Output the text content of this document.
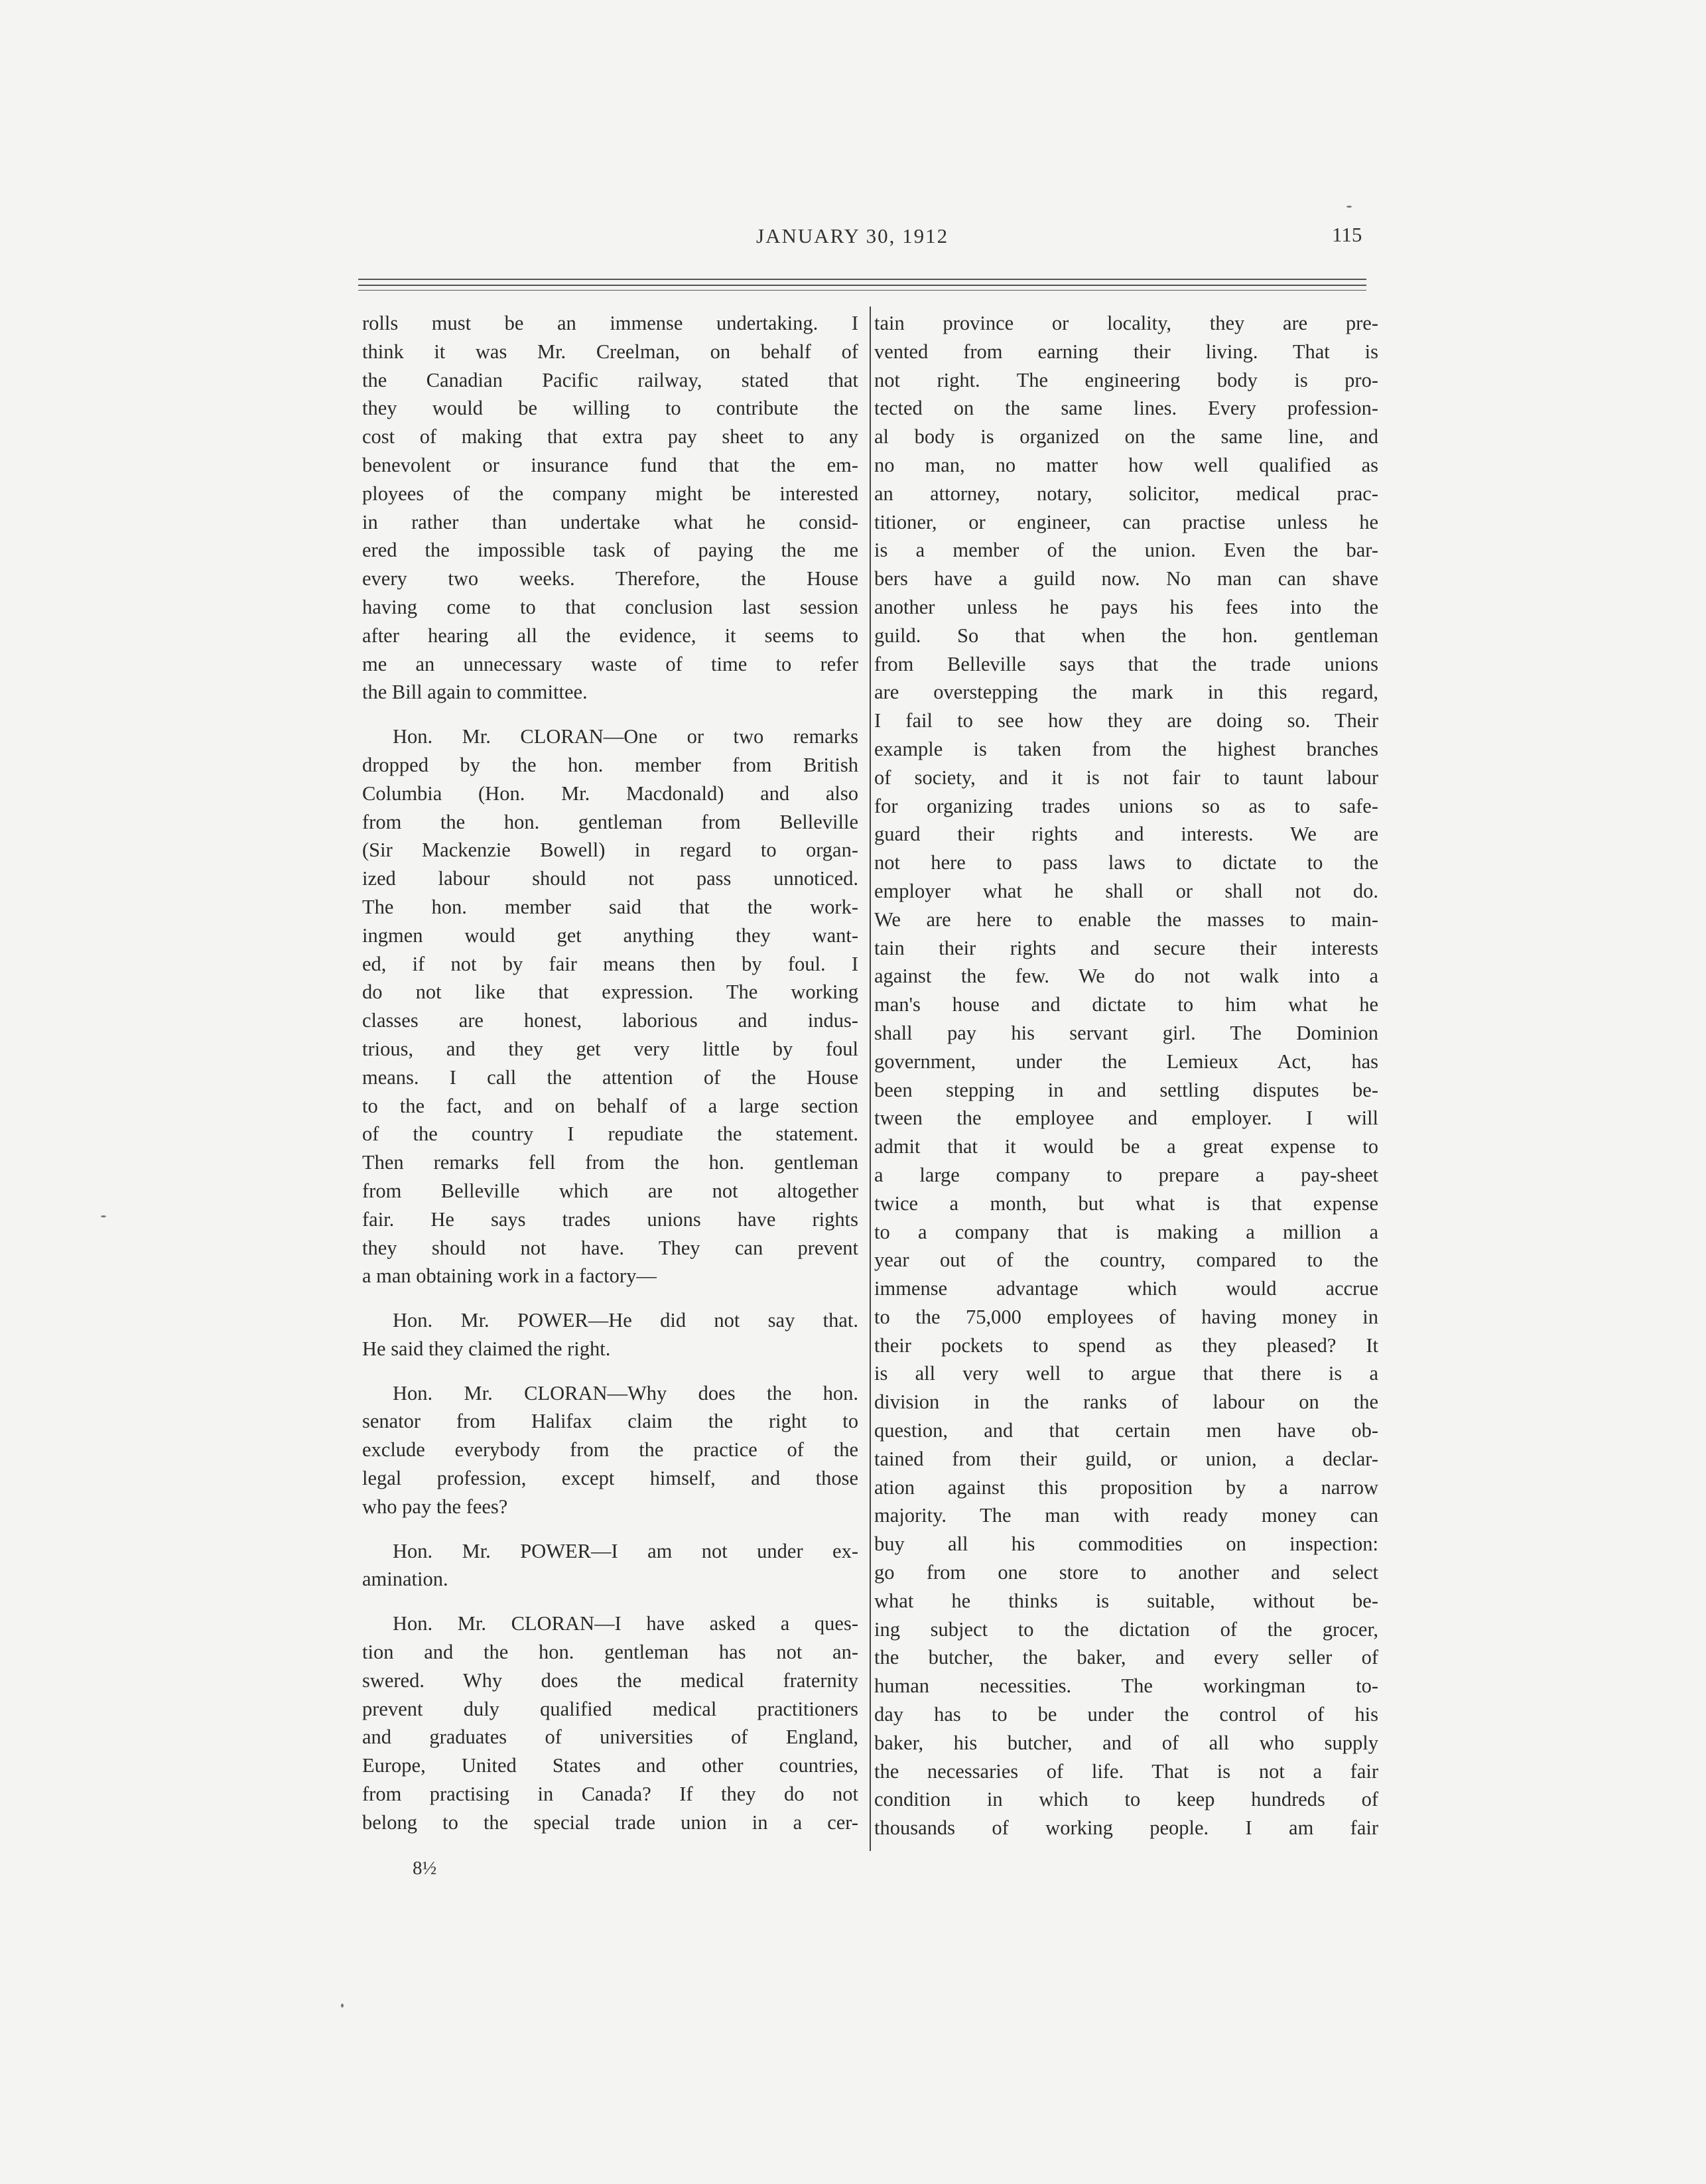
JANUARY 30, 1912	115
rolls must be an immense undertaking. I
think it was Mr. Creelman, on behalf of
the Canadian Pacific railway, stated that
they would be willing to contribute the
cost of making that extra pay sheet to any
benevolent or insurance fund that the em-
ployees of the company might be interested
in rather than undertake what he consid-
ered the impossible task of paying the me
every two weeks. Therefore, the House
having come to that conclusion last session
after hearing all the evidence, it seems to
me an unnecessary waste of time to refer
the Bill again to committee.
Hon. Mr. CLORAN—One or two remarks
dropped by the hon. member from British
Columbia (Hon. Mr. Macdonald) and also
from the hon. gentleman from Belleville
(Sir Mackenzie Bowell) in regard to organ-
ized labour should not pass unnoticed.
The hon. member said that the work-
ingmen would get anything they want-
ed, if not by fair means then by foul. I
do not like that expression. The working
classes are honest, laborious and indus-
trious, and they get very little by foul
means. I call the attention of the House
to the fact, and on behalf of a large section
of the country I repudiate the statement.
Then remarks fell from the hon. gentleman
from Belleville which are not altogether
fair. He says trades unions have rights
they should not have. They can prevent
a man obtaining work in a factory—
Hon. Mr. POWER—He did not say that.
He said they claimed the right.
Hon. Mr. CLORAN—Why does the hon.
senator from Halifax claim the right to
exclude everybody from the practice of the
legal profession, except himself, and those
who pay the fees?
Hon. Mr. POWER—I am not under ex-
amination.
Hon. Mr. CLORAN—I have asked a ques-
tion and the hon. gentleman has not an-
swered. Why does the medical fraternity
prevent duly qualified medical practitioners
and graduates of universities of England,
Europe, United States and other countries,
from practising in Canada? If they do not
belong to the special trade union in a cer-
tain province or locality, they are pre-
vented from earning their living. That is
not right. The engineering body is pro-
tected on the same lines. Every profession-
al body is organized on the same line, and
no man, no matter how well qualified as
an attorney, notary, solicitor, medical prac-
titioner, or engineer, can practise unless he
is a member of the union. Even the bar-
bers have a guild now. No man can shave
another unless he pays his fees into the
guild. So that when the hon. gentleman
from Belleville says that the trade unions
are overstepping the mark in this regard,
I fail to see how they are doing so. Their
example is taken from the highest branches
of society, and it is not fair to taunt labour
for organizing trades unions so as to safe-
guard their rights and interests. We are
not here to pass laws to dictate to the
employer what he shall or shall not do.
We are here to enable the masses to main-
tain their rights and secure their interests
against the few. We do not walk into a
man's house and dictate to him what he
shall pay his servant girl. The Dominion
government, under the Lemieux Act, has
been stepping in and settling disputes be-
tween the employee and employer. I will
admit that it would be a great expense to
a large company to prepare a pay-sheet
twice a month, but what is that expense
to a company that is making a million a
year out of the country, compared to the
immense advantage which would accrue
to the 75,000 employees of having money in
their pockets to spend as they pleased? It
is all very well to argue that there is a
division in the ranks of labour on the
question, and that certain men have ob-
tained from their guild, or union, a declar-
ation against this proposition by a narrow
majority. The man with ready money can
buy all his commodities on inspection:
go from one store to another and select
what he thinks is suitable, without be-
ing subject to the dictation of the grocer,
the butcher, the baker, and every seller of
human necessities. The workingman to-
day has to be under the control of his
baker, his butcher, and of all who supply
the necessaries of life. That is not a fair
condition in which to keep hundreds of
thousands of working people. I am fair
8½
